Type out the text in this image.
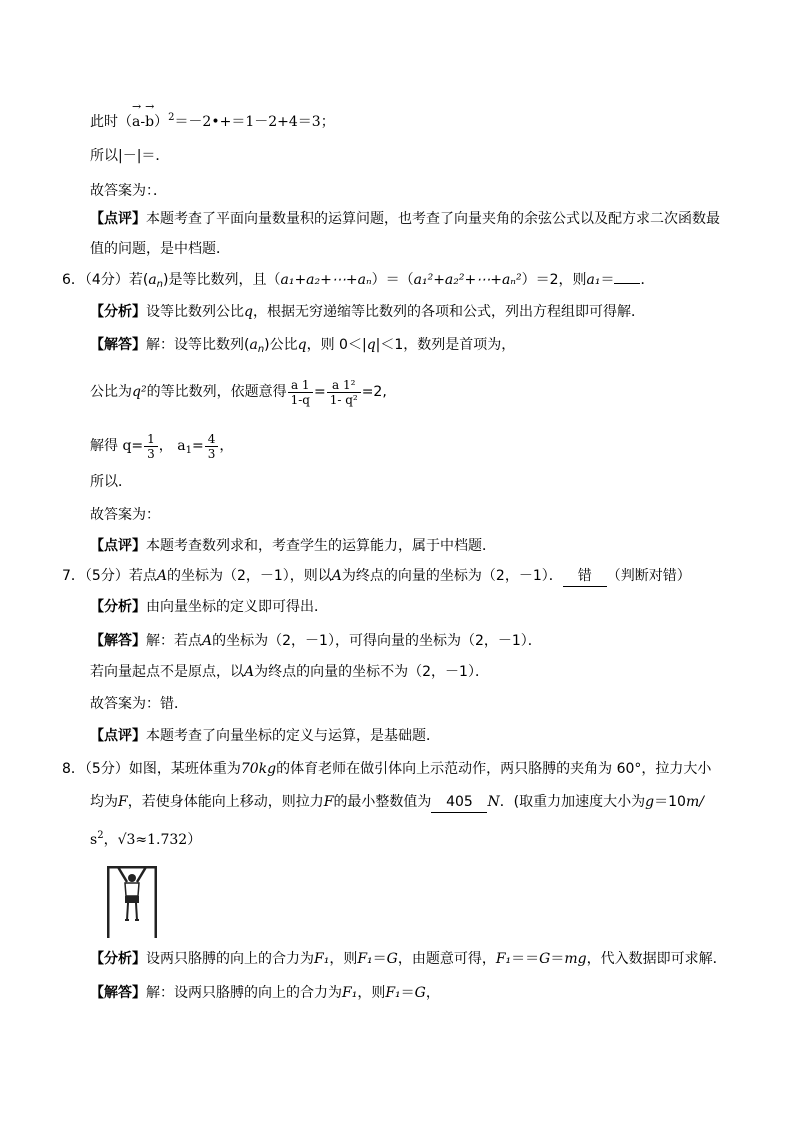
此时（
→
a-
→
b）$^2$＝－2•+＝1－2+4＝3；
所以|－|＝．
故答案为：．
【点评】本题考查了平面向量数量积的运算问题，也考查了向量夹角的余弦公式以及配方求二次函数最
值的问题，是中档题．
6．（4分）若$(a_n)$是等比数列，且（a₁+a₂+⋯+aₙ）＝（a₁²+a₂²+⋯+aₙ²）＝2，则a₁＝ ．
【分析】设等比数列公比q，根据无穷递缩等比数列的各项和公式，列出方程组即可得解．
【解答】解：设等比数列$(a_n)$公比q，则 0＜|q|＜1，数列是首项为，
公比为q²的等比数列，依题意得 $\frac{a 1}{1-q} = \frac{\text{a 1²}}{\text{1- q²}} =2$,
解得 $q= \frac{1}{3}$ ， $a_1= \frac{4}{3}$ ，
所以．
故答案为：
【点评】本题考查数列求和，考查学生的运算能力，属于中档题．
7．（5分）若点A的坐标为（2，－1），则以A为终点的向量的坐标为（2，－1）． 错 （判断对错）
【分析】由向量坐标的定义即可得出．
【解答】解：若点A的坐标为（2，－1），可得向量的坐标为（2，－1）．
若向量起点不是原点，以A为终点的向量的坐标不为（2，－1）．
故答案为：错．
【点评】本题考查了向量坐标的定义与运算，是基础题．
8．（5分）如图，某班体重为70kg的体育老师在做引体向上示范动作，两只胳膊的夹角为 60°，拉力大小
均为F，若使身体能向上移动，则拉力F的最小整数值为 405 N．(取重力加速度大小为g＝10m/
$s^2$，√3≈1.732）
【分析】设两只胳膊的向上的合力为F₁，则F₁＝G，由题意可得，F₁＝＝G＝mg，代入数据即可求解．
【解答】解：设两只胳膊的向上的合力为F₁，则F₁＝G，
